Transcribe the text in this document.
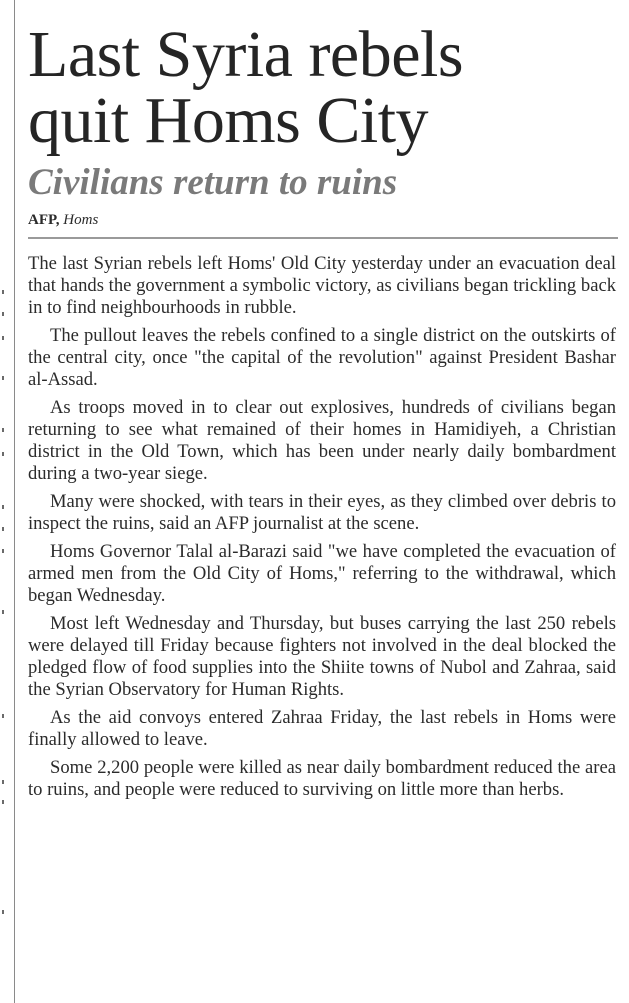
Last Syria rebels
quit Homs City
Civilians return to ruins
AFP, Homs

The last Syrian rebels left Homs' Old City yesterday under an evacuation deal that hands the government a symbolic victory, as civilians began trickling back in to find neighbourhoods in rubble.

The pullout leaves the rebels confined to a single district on the outskirts of the central city, once "the capital of the revolution" against President Bashar al-Assad.

As troops moved in to clear out explosives, hundreds of civilians began returning to see what remained of their homes in Hamidiyeh, a Christian district in the Old Town, which has been under nearly daily bombardment during a two-year siege.

Many were shocked, with tears in their eyes, as they climbed over debris to inspect the ruins, said an AFP journalist at the scene.

Homs Governor Talal al-Barazi said "we have completed the evacuation of armed men from the Old City of Homs," referring to the withdrawal, which began Wednesday.

Most left Wednesday and Thursday, but buses carrying the last 250 rebels were delayed till Friday because fighters not involved in the deal blocked the pledged flow of food supplies into the Shiite towns of Nubol and Zahraa, said the Syrian Observatory for Human Rights.

As the aid convoys entered Zahraa Friday, the last rebels in Homs were finally allowed to leave.

Some 2,200 people were killed as near daily bombardment reduced the area to ruins, and people were reduced to surviving on little more than herbs.
